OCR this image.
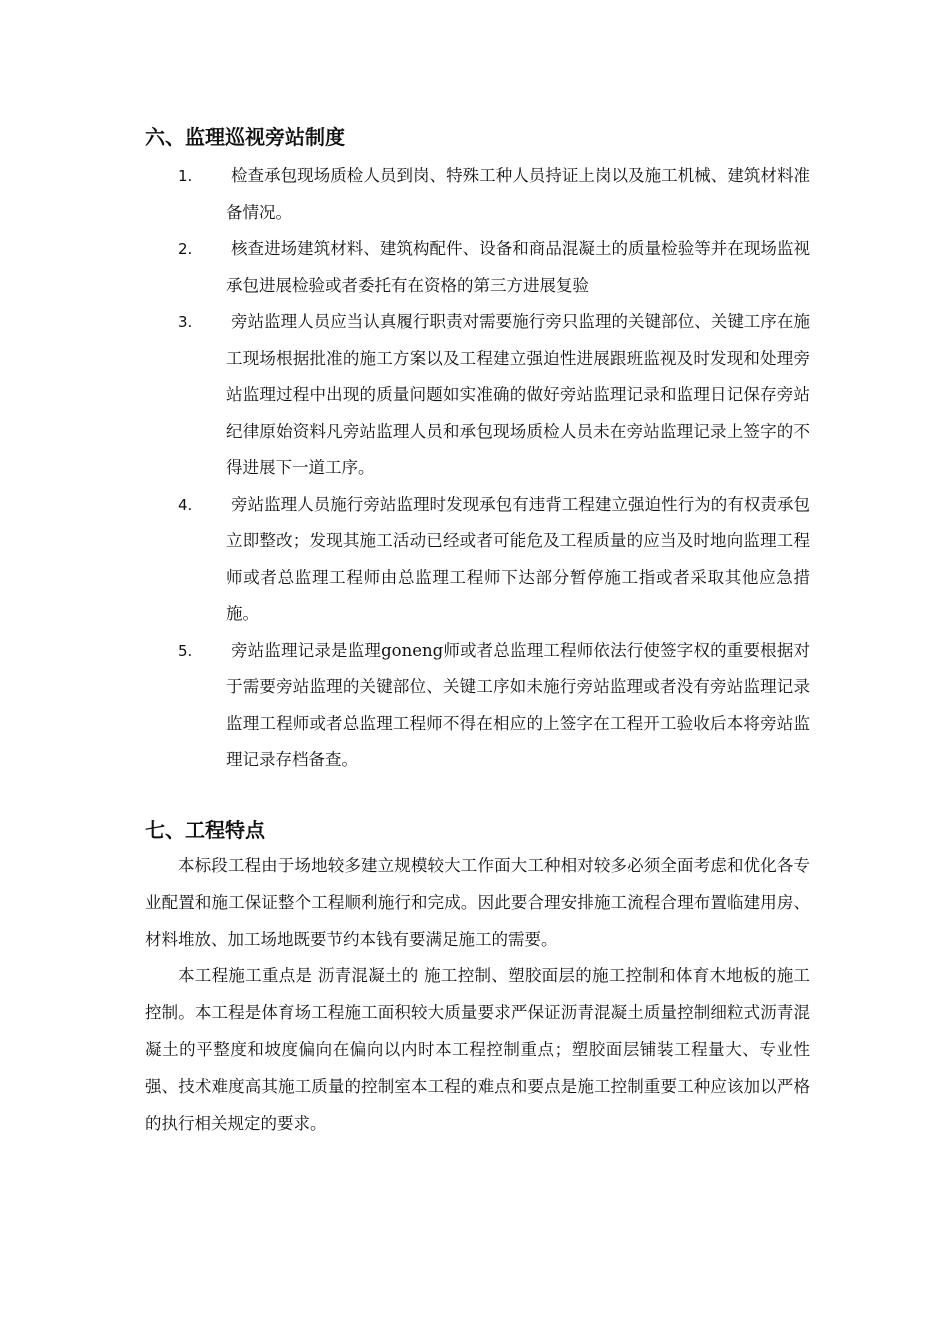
六、监理巡视旁站制度
1.	检查承包现场质检人员到岗、特殊工种人员持证上岗以及施工机械、建筑材料准备情况。
2.	核查进场建筑材料、建筑构配件、设备和商品混凝土的质量检验等并在现场监视承包进展检验或者委托有在资格的第三方进展复验
3.	旁站监理人员应当认真履行职责对需要施行旁只监理的关键部位、关键工序在施工现场根据批准的施工方案以及工程建立强迫性进展跟班监视及时发现和处理旁站监理过程中出现的质量问题如实准确的做好旁站监理记录和监理日记保存旁站纪律原始资料凡旁站监理人员和承包现场质检人员未在旁站监理记录上签字的不得进展下一道工序。
4.	旁站监理人员施行旁站监理时发现承包有违背工程建立强迫性行为的有权责承包立即整改；发现其施工活动已经或者可能危及工程质量的应当及时地向监理工程师或者总监理工程师由总监理工程师下达部分暂停施工指或者采取其他应急措施。
5.	旁站监理记录是监理goneng师或者总监理工程师依法行使签字权的重要根据对于需要旁站监理的关键部位、关键工序如未施行旁站监理或者没有旁站监理记录监理工程师或者总监理工程师不得在相应的上签字在工程开工验收后本将旁站监理记录存档备查。
七、工程特点

本标段工程由于场地较多建立规模较大工作面大工种相对较多必须全面考虑和优化各专业配置和施工保证整个工程顺利施行和完成。因此要合理安排施工流程合理布置临建用房、材料堆放、加工场地既要节约本钱有要满足施工的需要。

本工程施工重点是 沥青混凝土的 施工控制、塑胶面层的施工控制和体育木地板的施工控制。本工程是体育场工程施工面积较大质量要求严保证沥青混凝土质量控制细粒式沥青混凝土的平整度和坡度偏向在偏向以内时本工程控制重点；塑胶面层铺装工程量大、专业性强、技术难度高其施工质量的控制室本工程的难点和要点是施工控制重要工种应该加以严格的执行相关规定的要求。
